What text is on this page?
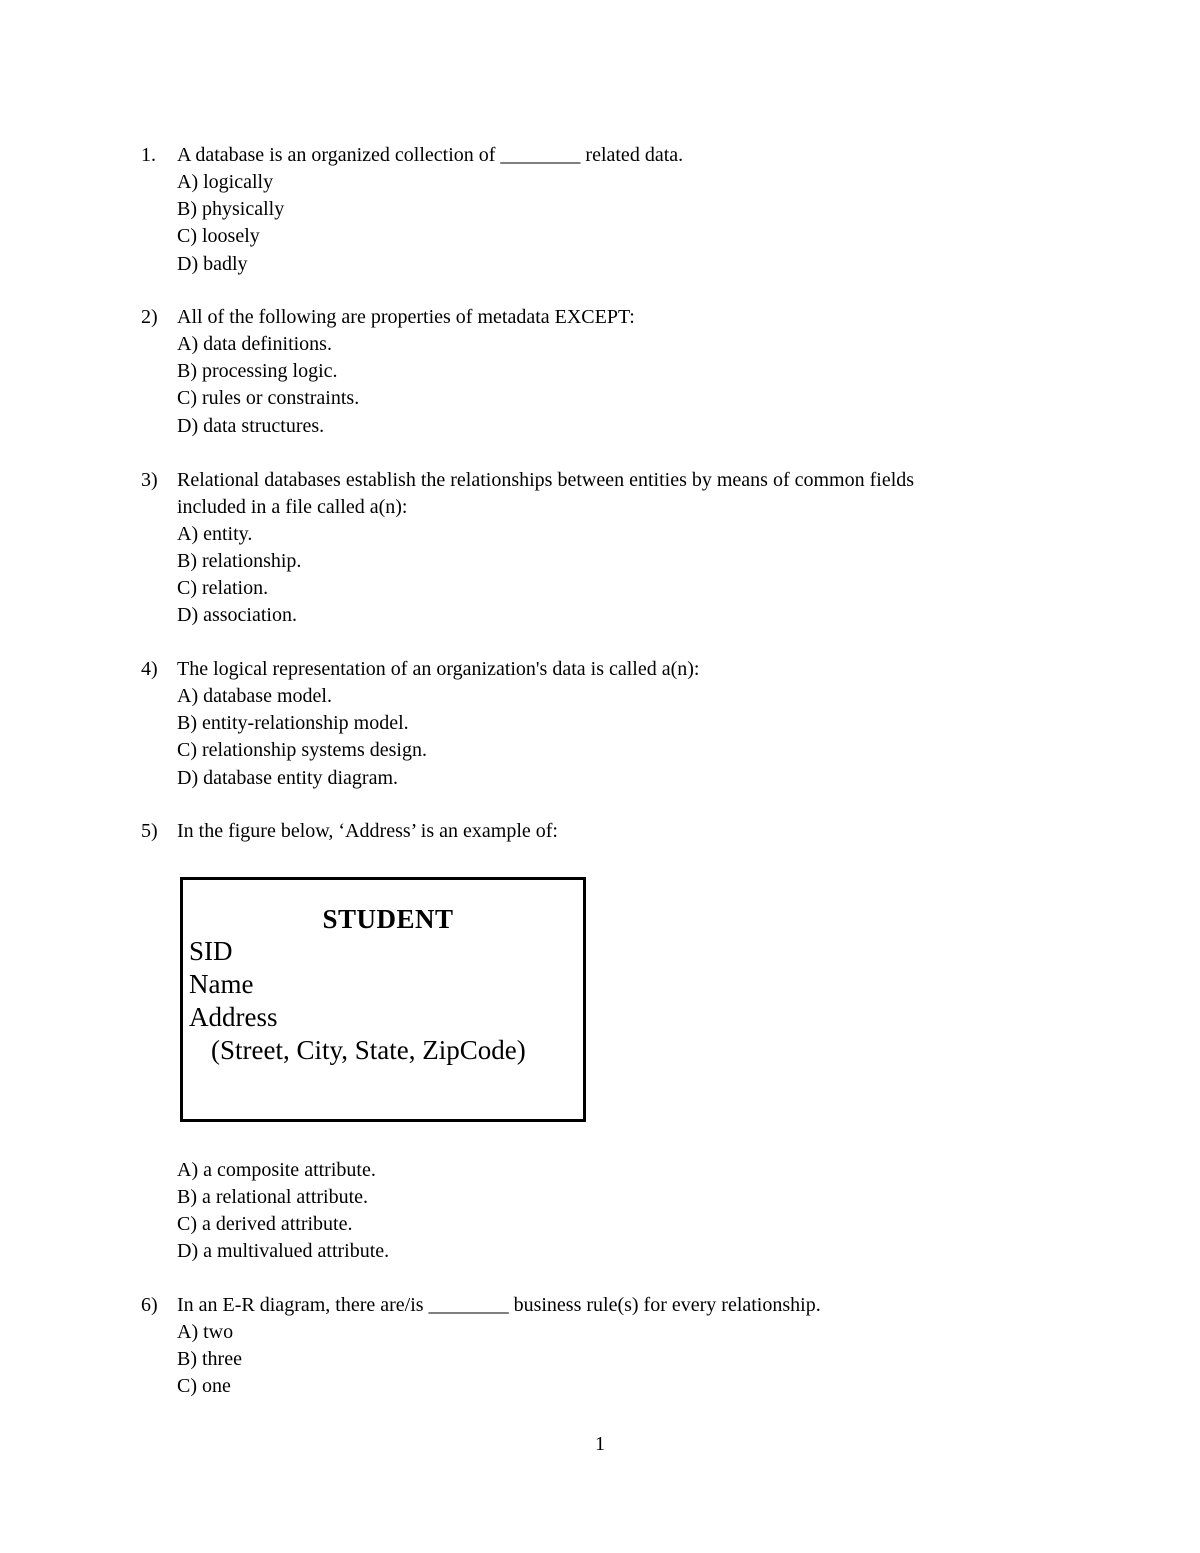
1. A database is an organized collection of ________ related data.
A) logically
B) physically
C) loosely
D) badly
2) All of the following are properties of metadata EXCEPT:
A) data definitions.
B) processing logic.
C) rules or constraints.
D) data structures.
3) Relational databases establish the relationships between entities by means of common fields
included in a file called a(n):
A) entity.
B) relationship.
C) relation.
D) association.
4) The logical representation of an organization's data is called a(n):
A) database model.
B) entity-relationship model.
C) relationship systems design.
D) database entity diagram.
5) In the figure below, ‘Address’ is an example of:
STUDENT
SID
Name
Address
(Street, City, State, ZipCode)
A) a composite attribute.
B) a relational attribute.
C) a derived attribute.
D) a multivalued attribute.
6) In an E-R diagram, there are/is ________ business rule(s) for every relationship.
A) two
B) three
C) one
1
